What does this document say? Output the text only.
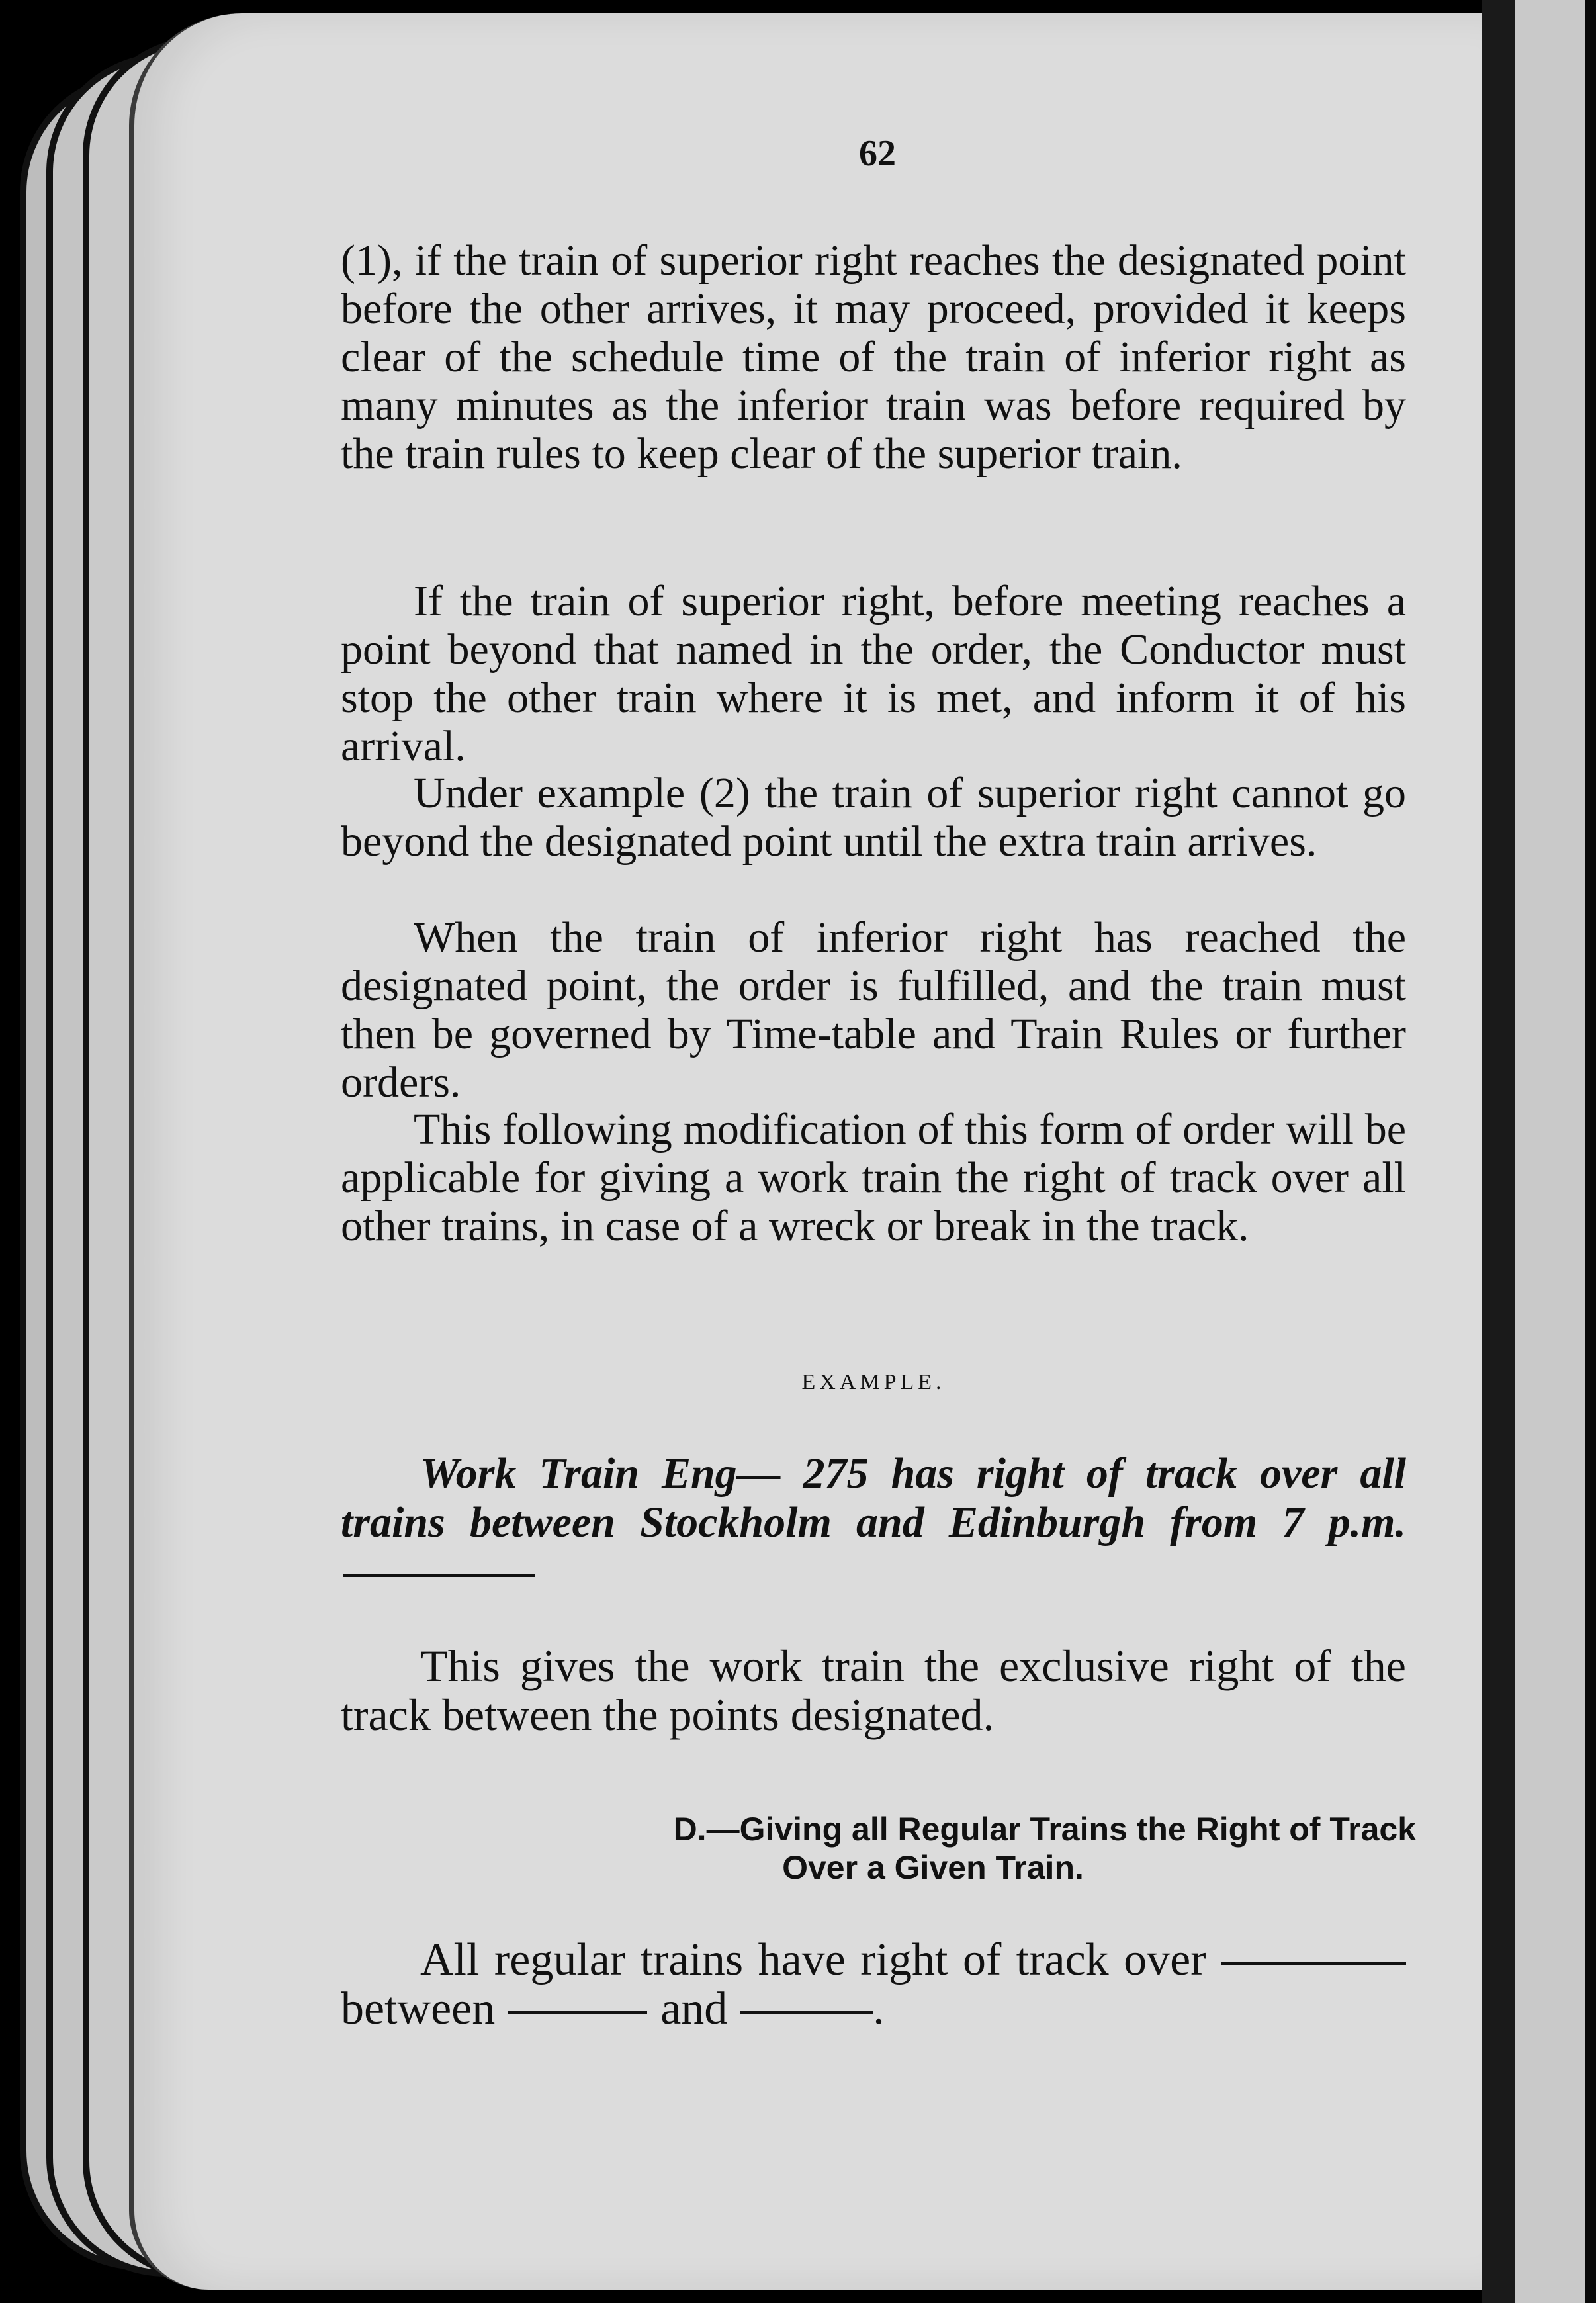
62

(1), if the train of superior right reaches the designated point before the other arrives, it may proceed, provided it keeps clear of the schedule time of the train of inferior right as many minutes as the inferior train was before required by the train rules to keep clear of the superior train.

If the train of superior right, before meeting reaches a point beyond that named in the order, the Conductor must stop the other train where it is met, and inform it of his arrival.

Under example (2) the train of superior right cannot go beyond the designated point until the extra train arrives.

When the train of inferior right has reached the designated point, the order is fulfilled, and the train must then be governed by Time-table and Train Rules or further orders.

This following modification of this form of order will be applicable for giving a work train the right of track over all other trains, in case of a wreck or break in the track.

EXAMPLE.
Work Train Eng— 275 has right of track over all trains between Stockholm and Edinburgh from 7 p.m.
This gives the work train the exclusive right of the track between the points designated.
D.—Giving all Regular Trains the Right of Track
Over a Given Train.
All regular trains have right of track over between	and	.
